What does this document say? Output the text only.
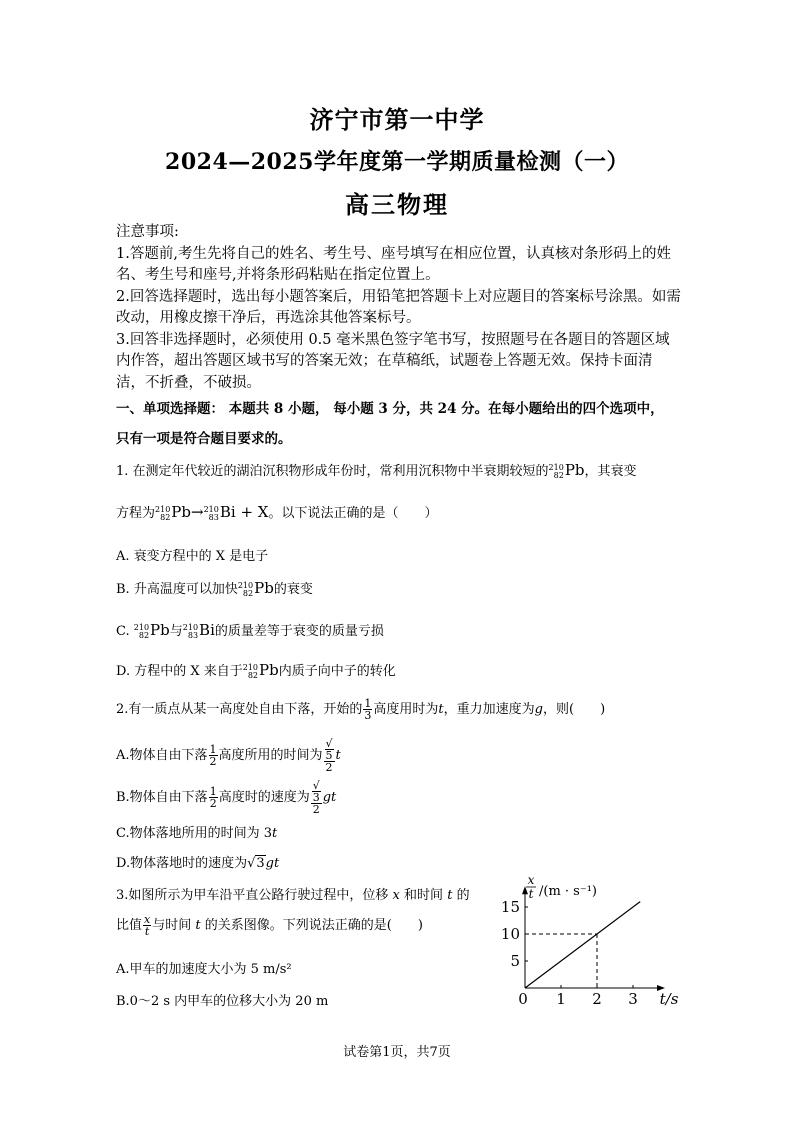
济宁市第一中学
2024—2025学年度第一学期质量检测（一）
高三物理
注意事项:
1.答题前,考生先将自己的姓名、考生号、座号填写在相应位置，认真核对条形码上的姓名、考生号和座号,并将条形码粘贴在指定位置上。
2.回答选择题时，选出每小题答案后，用铅笔把答题卡上对应题目的答案标号涂黑。如需改动，用橡皮擦干净后，再选涂其他答案标号。
3.回答非选择题时，必须使用 0.5 毫米黑色签字笔书写，按照题号在各题目的答题区域内作答，超出答题区域书写的答案无效；在草稿纸，试题卷上答题无效。保持卡面清洁，不折叠，不破损。
一、单项选择题： 本题共 8 小题， 每小题 3 分，共 24 分。在每小题给出的四个选项中，
只有一项是符合题目要求的。
1. 在测定年代较近的湖泊沉积物形成年份时，常利用沉积物中半衰期较短的 210
82 Pb，其衰变
方程为 210
82 Pb→ 210
83 Bi + X。以下说法正确的是（　　）
A. 衰变方程中的 X 是电子
B. 升高温度可以加快 210
82 Pb的衰变
C. 210
82 Pb与 210
83 Bi的质量差等于衰变的质量亏损
D. 方程中的 X 来自于 210
82 Pb内质子向中子的转化
2.有一质点从某一高度处自由下落，开始的 $\frac{1}{3}$ 高度用时为t，重力加速度为g，则(　　)
A.物体自由下落 $\frac{1}{2}$ 高度所用的时间为 √
5
2 t
B.物体自由下落 $\frac{1}{2}$ 高度时的速度为 √
3
2 gt
C.物体落地所用的时间为 3t
D.物体落地时的速度为√3gt
3.如图所示为甲车沿平直公路行驶过程中，位移 x 和时间 t 的
比值 $\frac{x}{t}$ 与时间 t 的关系图像。下列说法正确的是(　　)
A.甲车的加速度大小为 5 m/s²
B.0～2 s 内甲车的位移大小为 20 m	0 1 2 3
5
10
15
x
t /(m · s⁻¹)
t/s
试卷第1页，共7页
